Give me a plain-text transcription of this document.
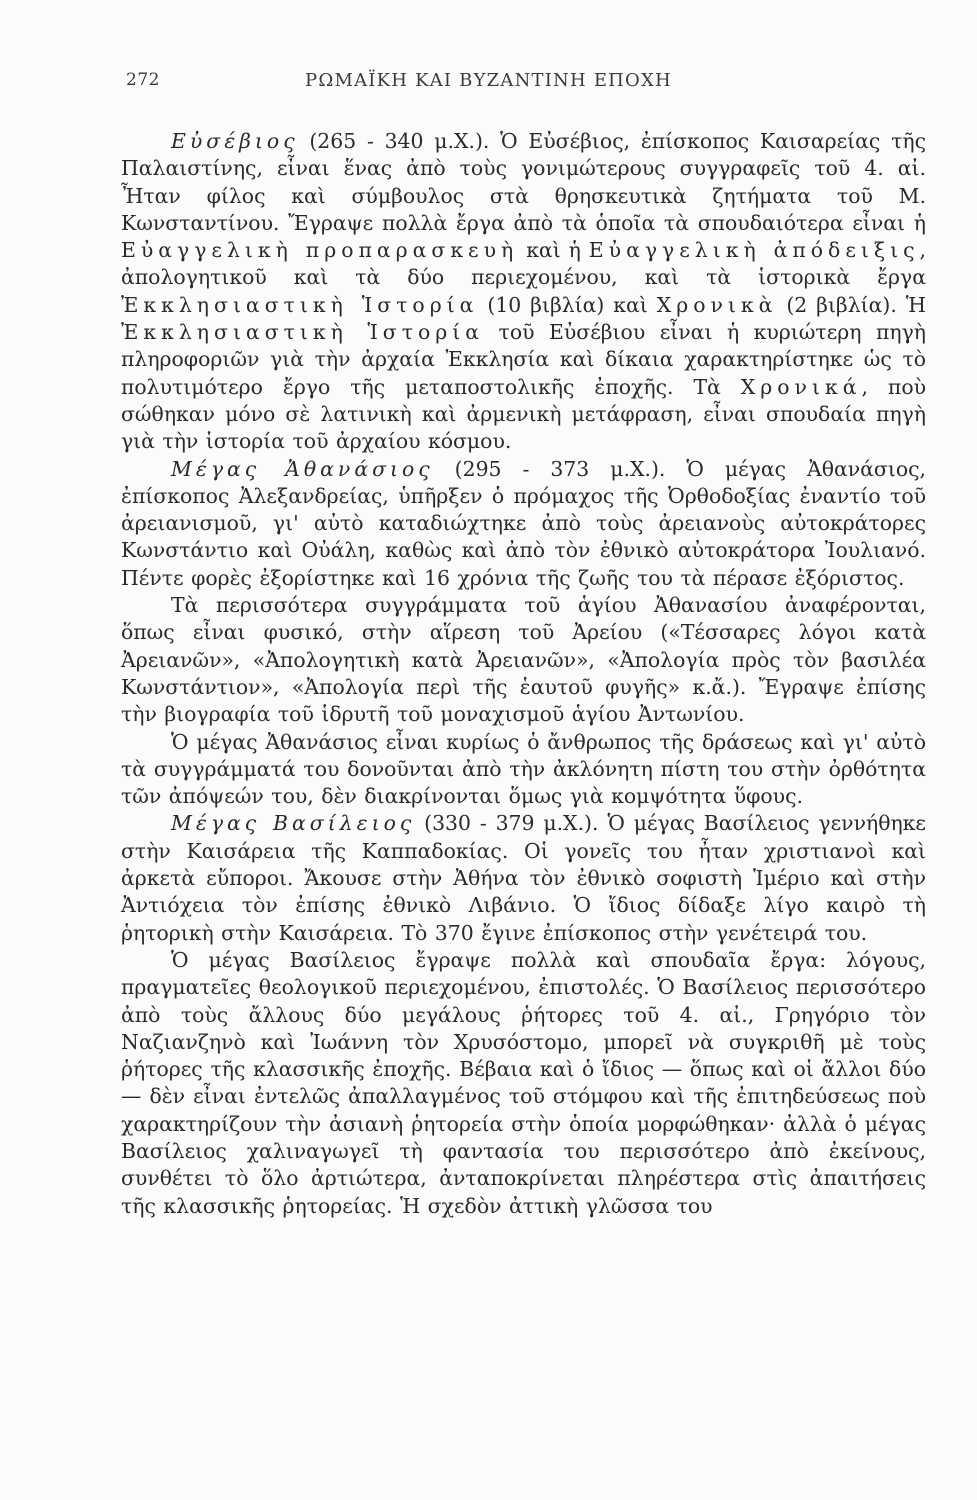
272	ΡΩΜΑΪΚΗ ΚΑΙ ΒΥΖΑΝΤΙΝΗ ΕΠΟΧΗ

Εὐσέβιος (265 - 340 μ.Χ.). Ὁ Εὐσέβιος, ἐπίσκοπος Καισαρείας τῆς Παλαιστίνης, εἶναι ἕνας ἀπὸ τοὺς γονιμώτερους συγγραφεῖς τοῦ 4. αἰ. Ἦταν φίλος καὶ σύμβουλος στὰ θρησκευτικὰ ζητήματα τοῦ Μ. Κωνσταντίνου. Ἔγραψε πολλὰ ἔργα ἀπὸ τὰ ὁποῖα τὰ σπουδαιότερα εἶναι ἡ Εὐαγγελικὴ προπαρασκευὴ καὶ ἡ Εὐαγγελικὴ ἀπόδειξις, ἀπολογητικοῦ καὶ τὰ δύο περιεχομένου, καὶ τὰ ἱστορικὰ ἔργα Ἐκκλησιαστικὴ Ἱστορία (10 βιβλία) καὶ Χρονικὰ (2 βιβλία). Ἡ Ἐκκλησιαστικὴ Ἱστορία τοῦ Εὐσέβιου εἶναι ἡ κυριώτερη πηγὴ πληροφοριῶν γιὰ τὴν ἀρχαία Ἐκκλησία καὶ δίκαια χαρακτηρίστηκε ὡς τὸ πολυτιμότερο ἔργο τῆς μεταποστολικῆς ἐποχῆς. Τὰ Χρονικά, ποὺ σώθηκαν μόνο σὲ λατινικὴ καὶ ἀρμενικὴ μετάφραση, εἶναι σπουδαία πηγὴ γιὰ τὴν ἱστορία τοῦ ἀρχαίου κόσμου.

Μέγας Ἀθανάσιος (295 - 373 μ.Χ.). Ὁ μέγας Ἀθανάσιος, ἐπίσκοπος Ἀλεξανδρείας, ὑπῆρξεν ὁ πρόμαχος τῆς Ὀρθοδοξίας ἐναντίο τοῦ ἀρειανισμοῦ, γι' αὐτὸ καταδιώχτηκε ἀπὸ τοὺς ἀρειανοὺς αὐτοκράτορες Κωνστάντιο καὶ Οὐάλη, καθὼς καὶ ἀπὸ τὸν ἐθνικὸ αὐτοκράτορα Ἰουλιανό. Πέντε φορὲς ἐξορίστηκε καὶ 16 χρόνια τῆς ζωῆς του τὰ πέρασε ἐξόριστος.

Τὰ περισσότερα συγγράμματα τοῦ ἁγίου Ἀθανασίου ἀναφέρονται, ὅπως εἶναι φυσικό, στὴν αἵρεση τοῦ Ἀρείου («Τέσσαρες λόγοι κατὰ Ἀρειανῶν», «Ἀπολογητικὴ κατὰ Ἀρειανῶν», «Ἀπολογία πρὸς τὸν βασιλέα Κωνστάντιον», «Ἀπολογία περὶ τῆς ἑαυτοῦ φυγῆς» κ.ἄ.). Ἔγραψε ἐπίσης τὴν βιογραφία τοῦ ἱδρυτῆ τοῦ μοναχισμοῦ ἁγίου Ἀντωνίου.

Ὁ μέγας Ἀθανάσιος εἶναι κυρίως ὁ ἄνθρωπος τῆς δράσεως καὶ γι' αὐτὸ τὰ συγγράμματά του δονοῦνται ἀπὸ τὴν ἀκλόνητη πίστη του στὴν ὀρθότητα τῶν ἀπόψεών του, δὲν διακρίνονται ὅμως γιὰ κομψότητα ὕφους.

Μέγας Βασίλειος (330 - 379 μ.Χ.). Ὁ μέγας Βασίλειος γεννήθηκε στὴν Καισάρεια τῆς Καππαδοκίας. Οἱ γονεῖς του ἦταν χριστιανοὶ καὶ ἀρκετὰ εὔποροι. Ἄκουσε στὴν Ἀθήνα τὸν ἐθνικὸ σοφιστὴ Ἱμέριο καὶ στὴν Ἀντιόχεια τὸν ἐπίσης ἐθνικὸ Λιβάνιο. Ὁ ἴδιος δίδαξε λίγο καιρὸ τὴ ῥητορικὴ στὴν Καισάρεια. Τὸ 370 ἔγινε ἐπίσκοπος στὴν γενέτειρά του.

Ὁ μέγας Βασίλειος ἔγραψε πολλὰ καὶ σπουδαῖα ἔργα: λόγους, πραγματεῖες θεολογικοῦ περιεχομένου, ἐπιστολές. Ὁ Βασίλειος περισσότερο ἀπὸ τοὺς ἄλλους δύο μεγάλους ῥήτορες τοῦ 4. αἰ., Γρηγόριο τὸν Ναζιανζηνὸ καὶ Ἰωάννη τὸν Χρυσόστομο, μπορεῖ νὰ συγκριθῆ μὲ τοὺς ῥήτορες τῆς κλασσικῆς ἐποχῆς. Βέβαια καὶ ὁ ἴδιος — ὅπως καὶ οἱ ἄλλοι δύο — δὲν εἶναι ἐντελῶς ἀπαλλαγμένος τοῦ στόμφου καὶ τῆς ἐπιτηδεύσεως ποὺ χαρακτηρίζουν τὴν ἀσιανὴ ῥητορεία στὴν ὁποία μορφώθηκαν· ἀλλὰ ὁ μέγας Βασίλειος χαλιναγωγεῖ τὴ φαντασία του περισσότερο ἀπὸ ἐκείνους, συνθέτει τὸ ὅλο ἀρτιώτερα, ἀνταποκρίνεται πληρέστερα στὶς ἀπαιτήσεις τῆς κλασσικῆς ῥητορείας. Ἡ σχεδὸν ἀττικὴ γλῶσσα του
